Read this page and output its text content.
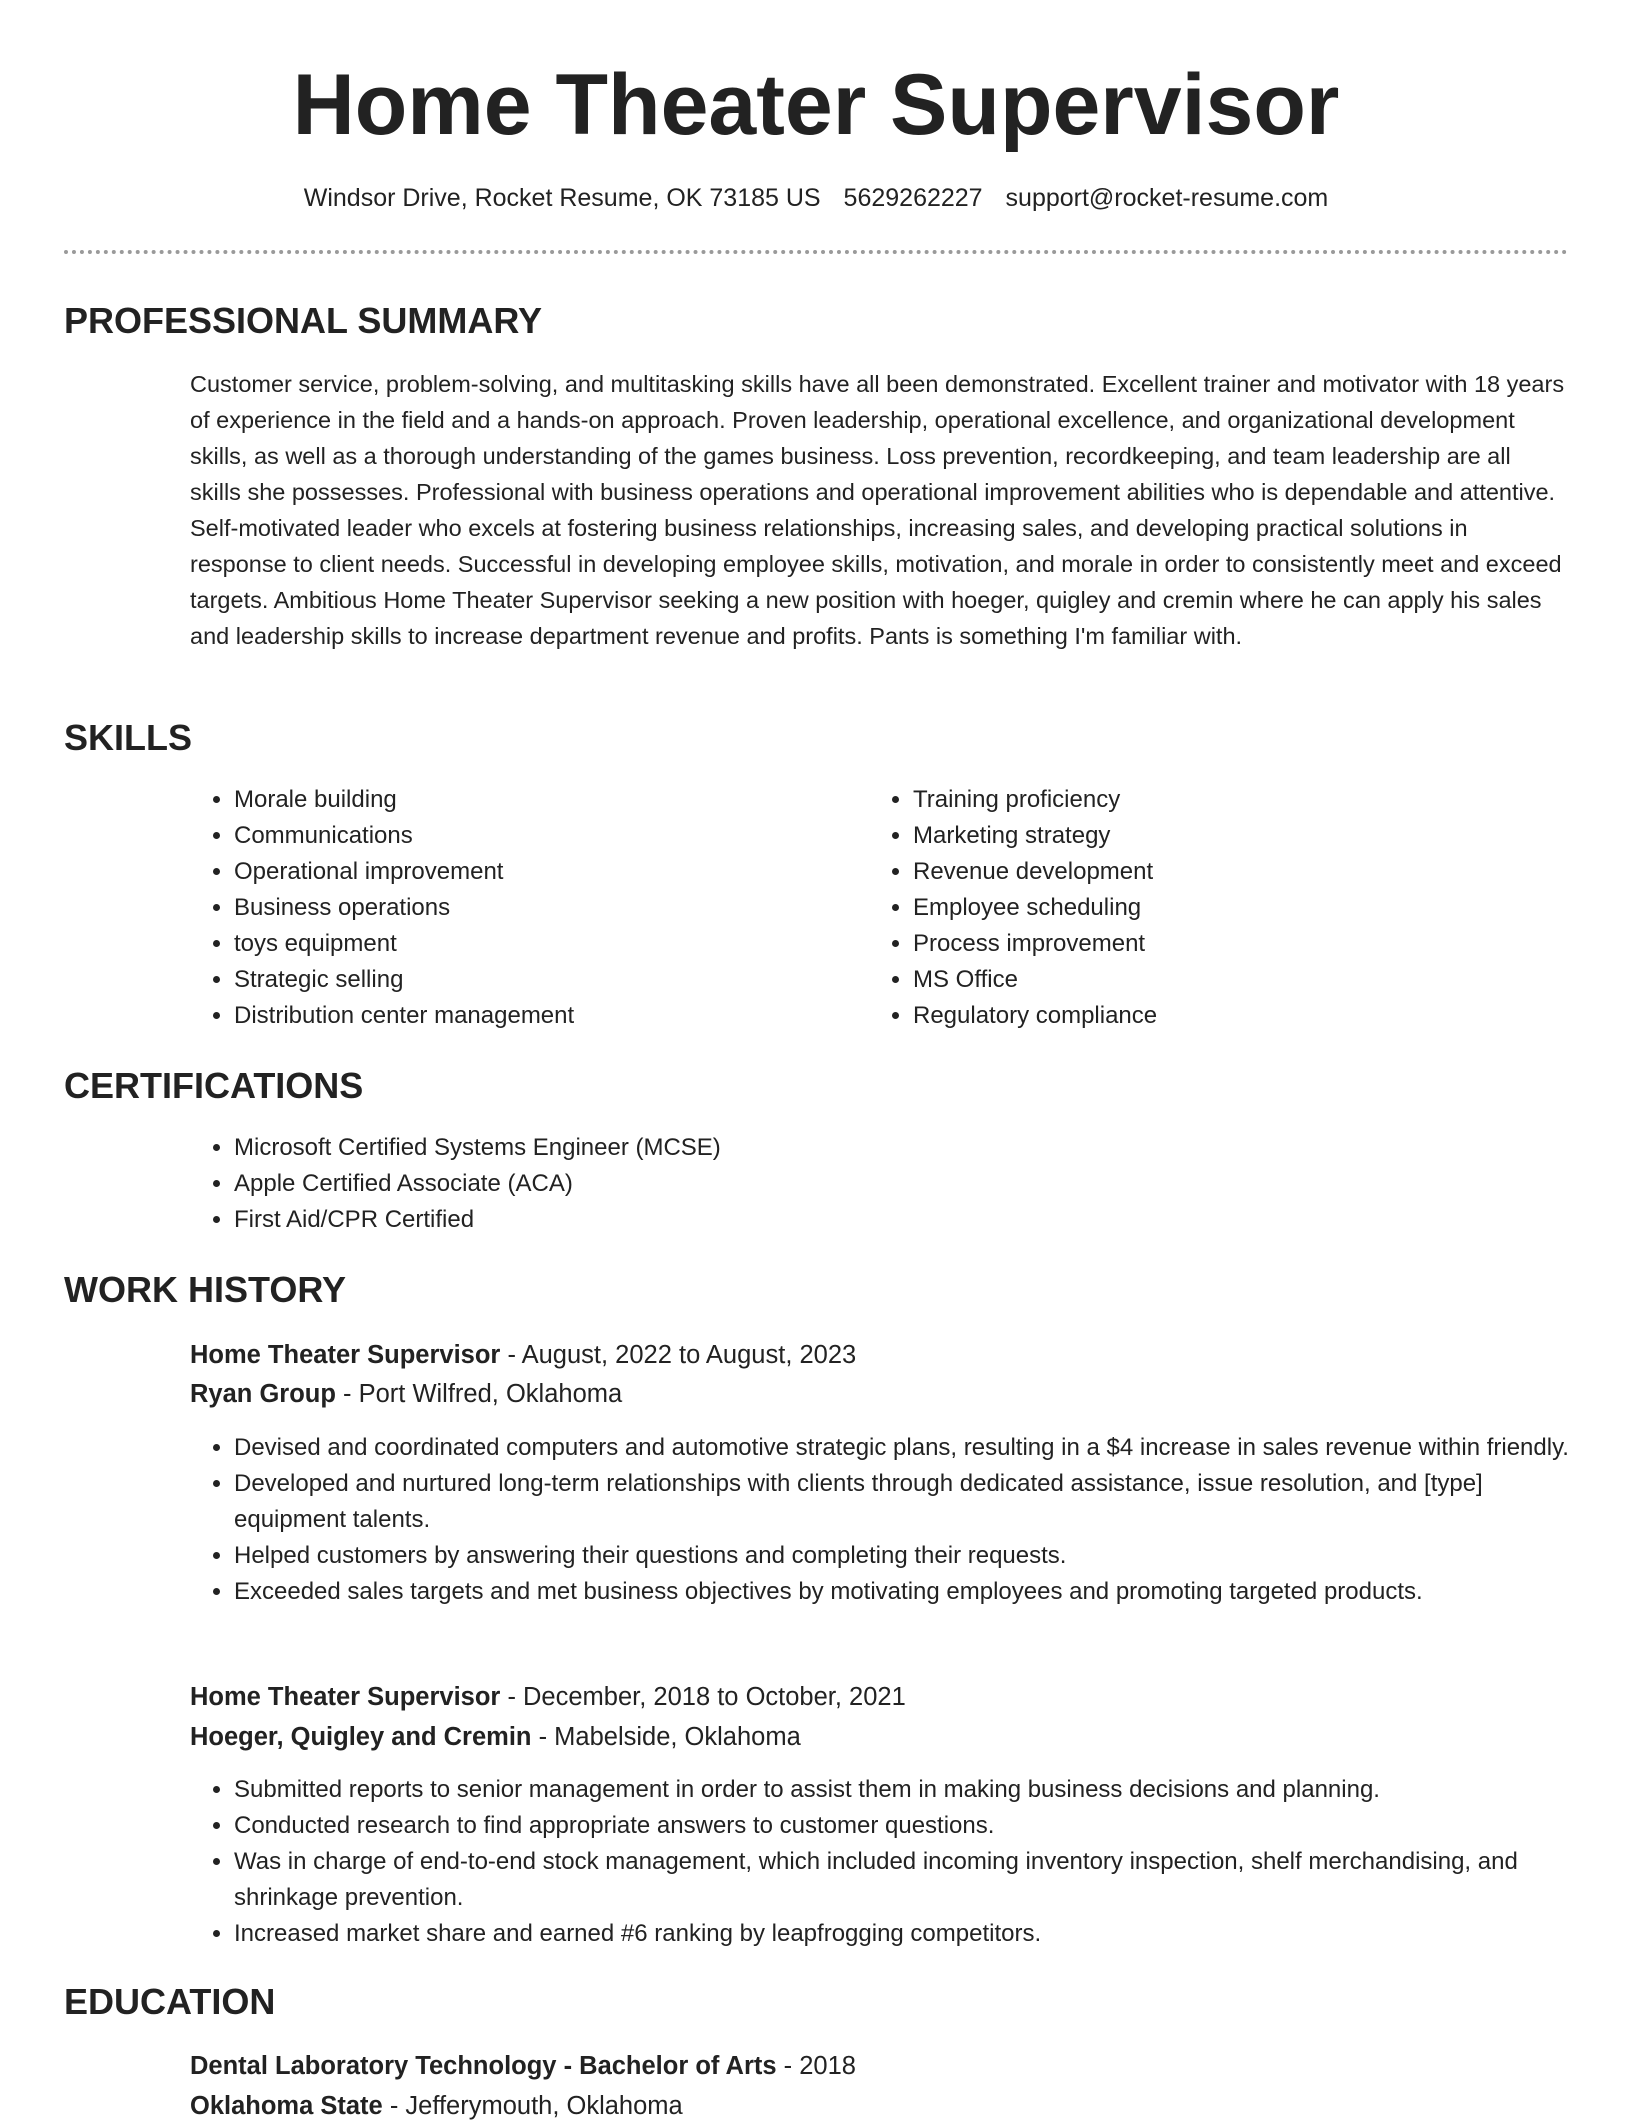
Home Theater Supervisor
Windsor Drive, Rocket Resume, OK 73185 US 5629262227 support@rocket-resume.com
PROFESSIONAL SUMMARY

Customer service, problem-solving, and multitasking skills have all been demonstrated. Excellent trainer and motivator with 18 years of experience in the field and a hands-on approach. Proven leadership, operational excellence, and organizational development skills, as well as a thorough understanding of the games business. Loss prevention, recordkeeping, and team leadership are all skills she possesses. Professional with business operations and operational improvement abilities who is dependable and attentive. Self-motivated leader who excels at fostering business relationships, increasing sales, and developing practical solutions in response to client needs. Successful in developing employee skills, motivation, and morale in order to consistently meet and exceed targets. Ambitious Home Theater Supervisor seeking a new position with hoeger, quigley and cremin where he can apply his sales and leadership skills to increase department revenue and profits. Pants is something I'm familiar with.

SKILLS
• Morale building
• Communications
• Operational improvement
• Business operations
• toys equipment
• Strategic selling
• Distribution center management
• Training proficiency
• Marketing strategy
• Revenue development
• Employee scheduling
• Process improvement
• MS Office
• Regulatory compliance
CERTIFICATIONS
• Microsoft Certified Systems Engineer (MCSE)
• Apple Certified Associate (ACA)
• First Aid/CPR Certified
WORK HISTORY
Home Theater Supervisor - August, 2022 to August, 2023
Ryan Group - Port Wilfred, Oklahoma
• Devised and coordinated computers and automotive strategic plans, resulting in a $4 increase in sales revenue within friendly.
• Developed and nurtured long-term relationships with clients through dedicated assistance, issue resolution, and [type] equipment talents.
• Helped customers by answering their questions and completing their requests.
• Exceeded sales targets and met business objectives by motivating employees and promoting targeted products.
Home Theater Supervisor - December, 2018 to October, 2021
Hoeger, Quigley and Cremin - Mabelside, Oklahoma
• Submitted reports to senior management in order to assist them in making business decisions and planning.
• Conducted research to find appropriate answers to customer questions.
• Was in charge of end-to-end stock management, which included incoming inventory inspection, shelf merchandising, and shrinkage prevention.
• Increased market share and earned #6 ranking by leapfrogging competitors.
EDUCATION
Dental Laboratory Technology - Bachelor of Arts - 2018
Oklahoma State - Jefferymouth, Oklahoma
